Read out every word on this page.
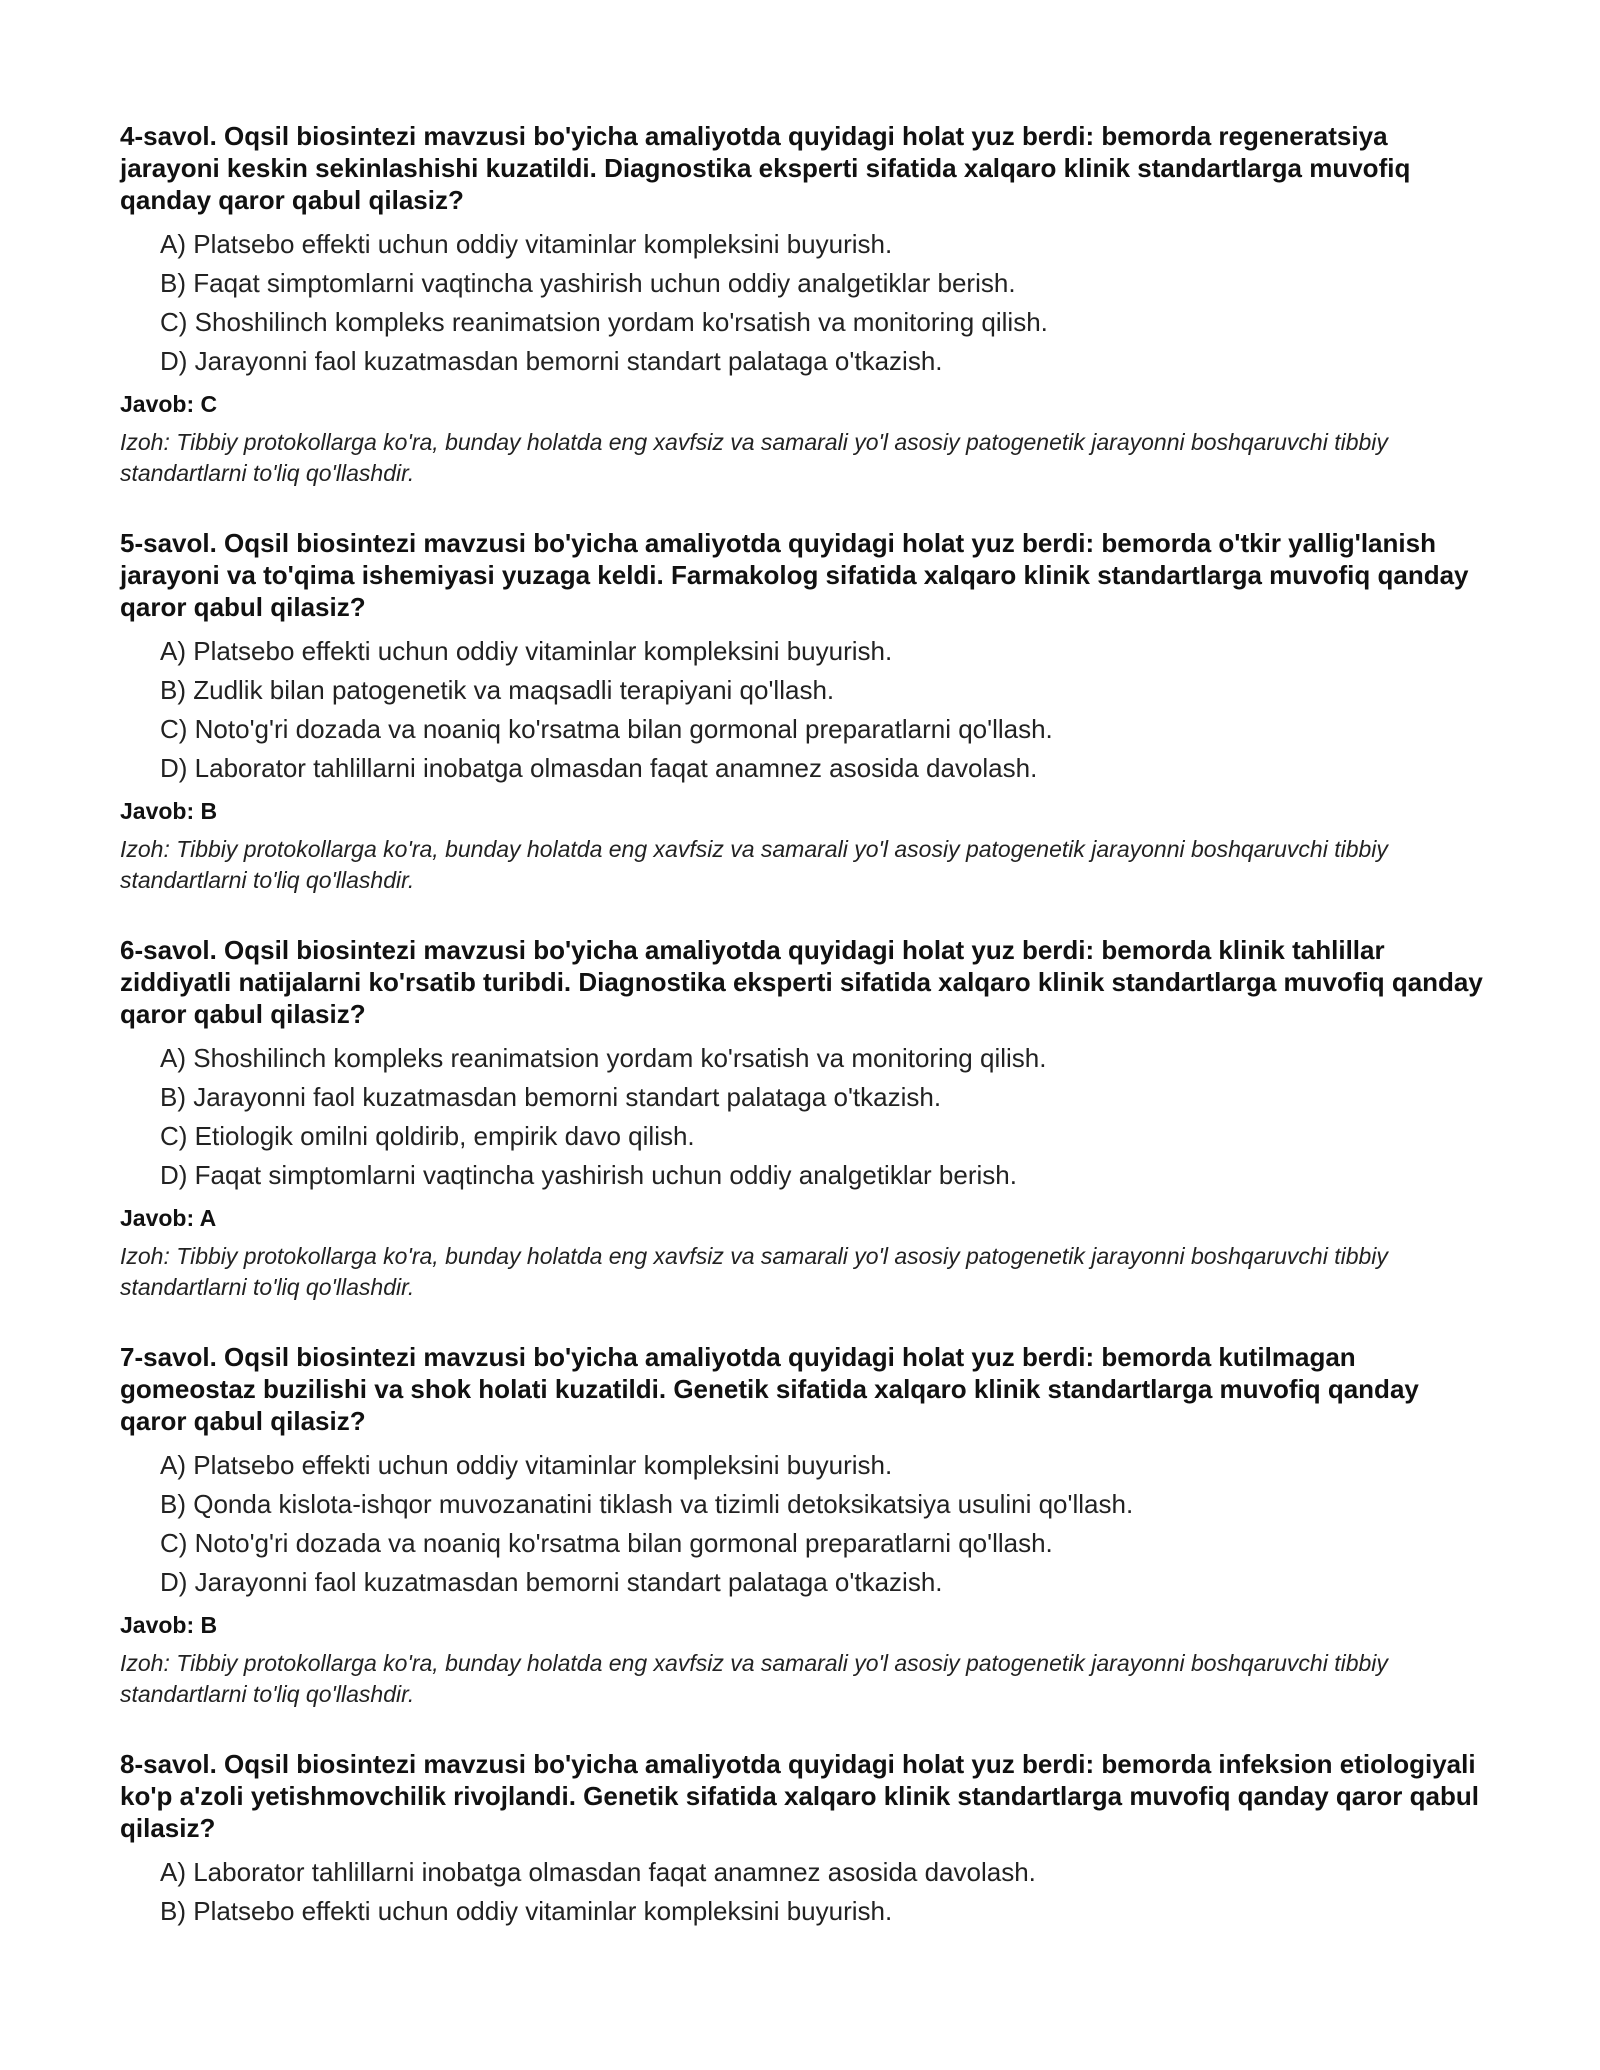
4-savol. Oqsil biosintezi mavzusi bo'yicha amaliyotda quyidagi holat yuz berdi: bemorda regeneratsiya jarayoni keskin sekinlashishi kuzatildi. Diagnostika eksperti sifatida xalqaro klinik standartlarga muvofiq qanday qaror qabul qilasiz?

A) Platsebo effekti uchun oddiy vitaminlar kompleksini buyurish.
B) Faqat simptomlarni vaqtincha yashirish uchun oddiy analgetiklar berish.
C) Shoshilinch kompleks reanimatsion yordam ko'rsatish va monitoring qilish.
D) Jarayonni faol kuzatmasdan bemorni standart palataga o'tkazish.

Javob: C

Izoh: Tibbiy protokollarga ko'ra, bunday holatda eng xavfsiz va samarali yo'l asosiy patogenetik jarayonni boshqaruvchi tibbiy standartlarni to'liq qo'llashdir.

5-savol. Oqsil biosintezi mavzusi bo'yicha amaliyotda quyidagi holat yuz berdi: bemorda o'tkir yallig'lanish jarayoni va to'qima ishemiyasi yuzaga keldi. Farmakolog sifatida xalqaro klinik standartlarga muvofiq qanday qaror qabul qilasiz?

A) Platsebo effekti uchun oddiy vitaminlar kompleksini buyurish.
B) Zudlik bilan patogenetik va maqsadli terapiyani qo'llash.
C) Noto'g'ri dozada va noaniq ko'rsatma bilan gormonal preparatlarni qo'llash.
D) Laborator tahlillarni inobatga olmasdan faqat anamnez asosida davolash.

Javob: B

Izoh: Tibbiy protokollarga ko'ra, bunday holatda eng xavfsiz va samarali yo'l asosiy patogenetik jarayonni boshqaruvchi tibbiy standartlarni to'liq qo'llashdir.

6-savol. Oqsil biosintezi mavzusi bo'yicha amaliyotda quyidagi holat yuz berdi: bemorda klinik tahlillar ziddiyatli natijalarni ko'rsatib turibdi. Diagnostika eksperti sifatida xalqaro klinik standartlarga muvofiq qanday qaror qabul qilasiz?

A) Shoshilinch kompleks reanimatsion yordam ko'rsatish va monitoring qilish.
B) Jarayonni faol kuzatmasdan bemorni standart palataga o'tkazish.
C) Etiologik omilni qoldirib, empirik davo qilish.
D) Faqat simptomlarni vaqtincha yashirish uchun oddiy analgetiklar berish.

Javob: A

Izoh: Tibbiy protokollarga ko'ra, bunday holatda eng xavfsiz va samarali yo'l asosiy patogenetik jarayonni boshqaruvchi tibbiy standartlarni to'liq qo'llashdir.

7-savol. Oqsil biosintezi mavzusi bo'yicha amaliyotda quyidagi holat yuz berdi: bemorda kutilmagan gomeostaz buzilishi va shok holati kuzatildi. Genetik sifatida xalqaro klinik standartlarga muvofiq qanday qaror qabul qilasiz?

A) Platsebo effekti uchun oddiy vitaminlar kompleksini buyurish.
B) Qonda kislota-ishqor muvozanatini tiklash va tizimli detoksikatsiya usulini qo'llash.
C) Noto'g'ri dozada va noaniq ko'rsatma bilan gormonal preparatlarni qo'llash.
D) Jarayonni faol kuzatmasdan bemorni standart palataga o'tkazish.

Javob: B

Izoh: Tibbiy protokollarga ko'ra, bunday holatda eng xavfsiz va samarali yo'l asosiy patogenetik jarayonni boshqaruvchi tibbiy standartlarni to'liq qo'llashdir.

8-savol. Oqsil biosintezi mavzusi bo'yicha amaliyotda quyidagi holat yuz berdi: bemorda infeksion etiologiyali ko'p a'zoli yetishmovchilik rivojlandi. Genetik sifatida xalqaro klinik standartlarga muvofiq qanday qaror qabul qilasiz?

A) Laborator tahlillarni inobatga olmasdan faqat anamnez asosida davolash.
B) Platsebo effekti uchun oddiy vitaminlar kompleksini buyurish.
